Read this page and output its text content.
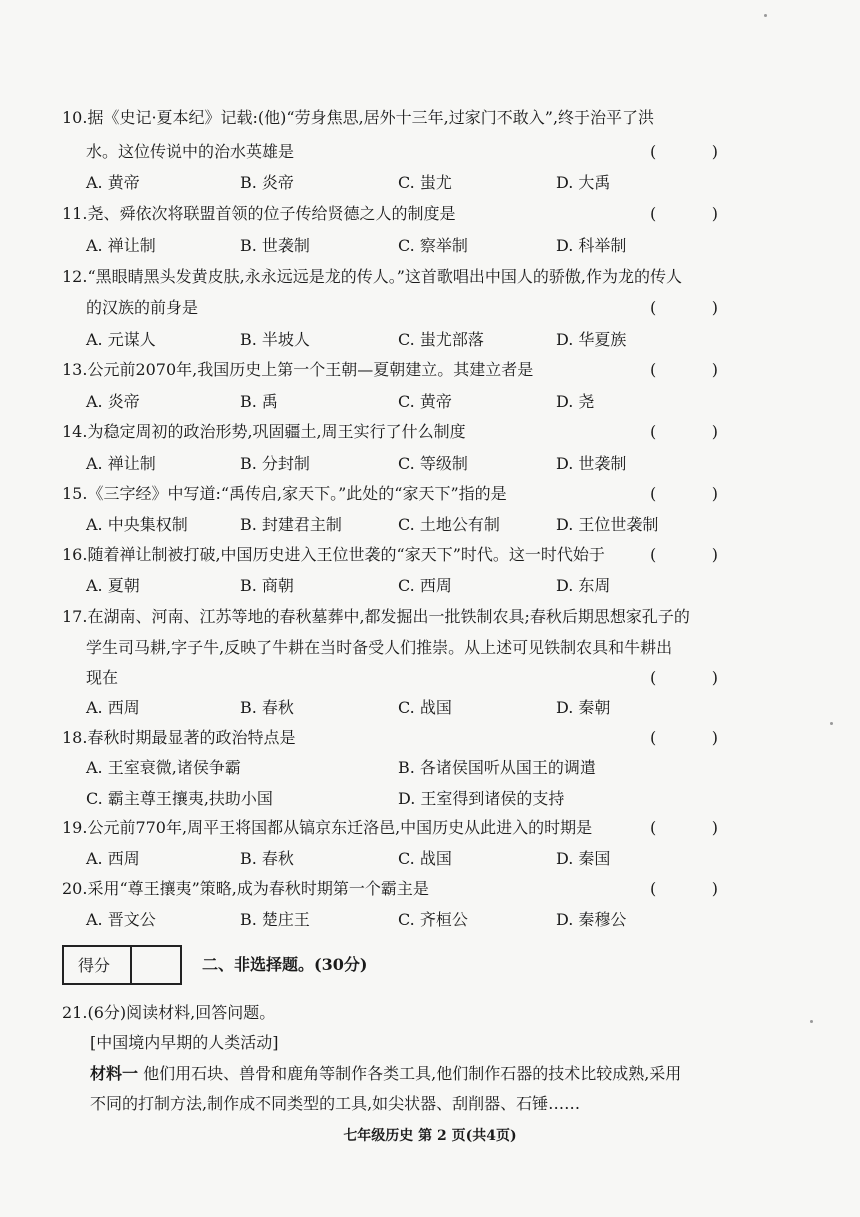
10.据《史记·夏本纪》记载:(他)“劳身焦思,居外十三年,过家门不敢入”,终于治平了洪
水。这位传说中的治水英雄是	(	)
A. 黄帝	B. 炎帝	C. 蚩尤	D. 大禹
11.尧、舜依次将联盟首领的位子传给贤德之人的制度是	(	)
A. 禅让制	B. 世袭制	C. 察举制	D. 科举制
12.“黑眼睛黑头发黄皮肤,永永远远是龙的传人。”这首歌唱出中国人的骄傲,作为龙的传人
的汉族的前身是	(	)
A. 元谋人	B. 半坡人	C. 蚩尤部落	D. 华夏族
13.公元前2070年,我国历史上第一个王朝—夏朝建立。其建立者是	(	)
A. 炎帝	B. 禹	C. 黄帝	D. 尧
14.为稳定周初的政治形势,巩固疆土,周王实行了什么制度	(	)
A. 禅让制	B. 分封制	C. 等级制	D. 世袭制
15.《三字经》中写道:“禹传启,家天下。”此处的“家天下”指的是	(	)
A. 中央集权制	B. 封建君主制	C. 土地公有制	D. 王位世袭制
16.随着禅让制被打破,中国历史进入王位世袭的“家天下”时代。这一时代始于	(	)
A. 夏朝	B. 商朝	C. 西周	D. 东周
17.在湖南、河南、江苏等地的春秋墓葬中,都发掘出一批铁制农具;春秋后期思想家孔子的
学生司马耕,字子牛,反映了牛耕在当时备受人们推崇。从上述可见铁制农具和牛耕出
现在	(	)
A. 西周	B. 春秋	C. 战国	D. 秦朝
18.春秋时期最显著的政治特点是	(	)
A. 王室衰微,诸侯争霸	B. 各诸侯国听从国王的调遣
C. 霸主尊王攘夷,扶助小国	D. 王室得到诸侯的支持
19.公元前770年,周平王将国都从镐京东迁洛邑,中国历史从此进入的时期是	(	)
A. 西周	B. 春秋	C. 战国	D. 秦国
20.采用“尊王攘夷”策略,成为春秋时期第一个霸主是	(	)
A. 晋文公	B. 楚庄王	C. 齐桓公	D. 秦穆公
得分	二、非选择题。(30分)
21.(6分)阅读材料,回答问题。
[中国境内早期的人类活动]
材料一 他们用石块、兽骨和鹿角等制作各类工具,他们制作石器的技术比较成熟,采用
不同的打制方法,制作成不同类型的工具,如尖状器、刮削器、石锤……
七年级历史 第 2 页(共4页)
